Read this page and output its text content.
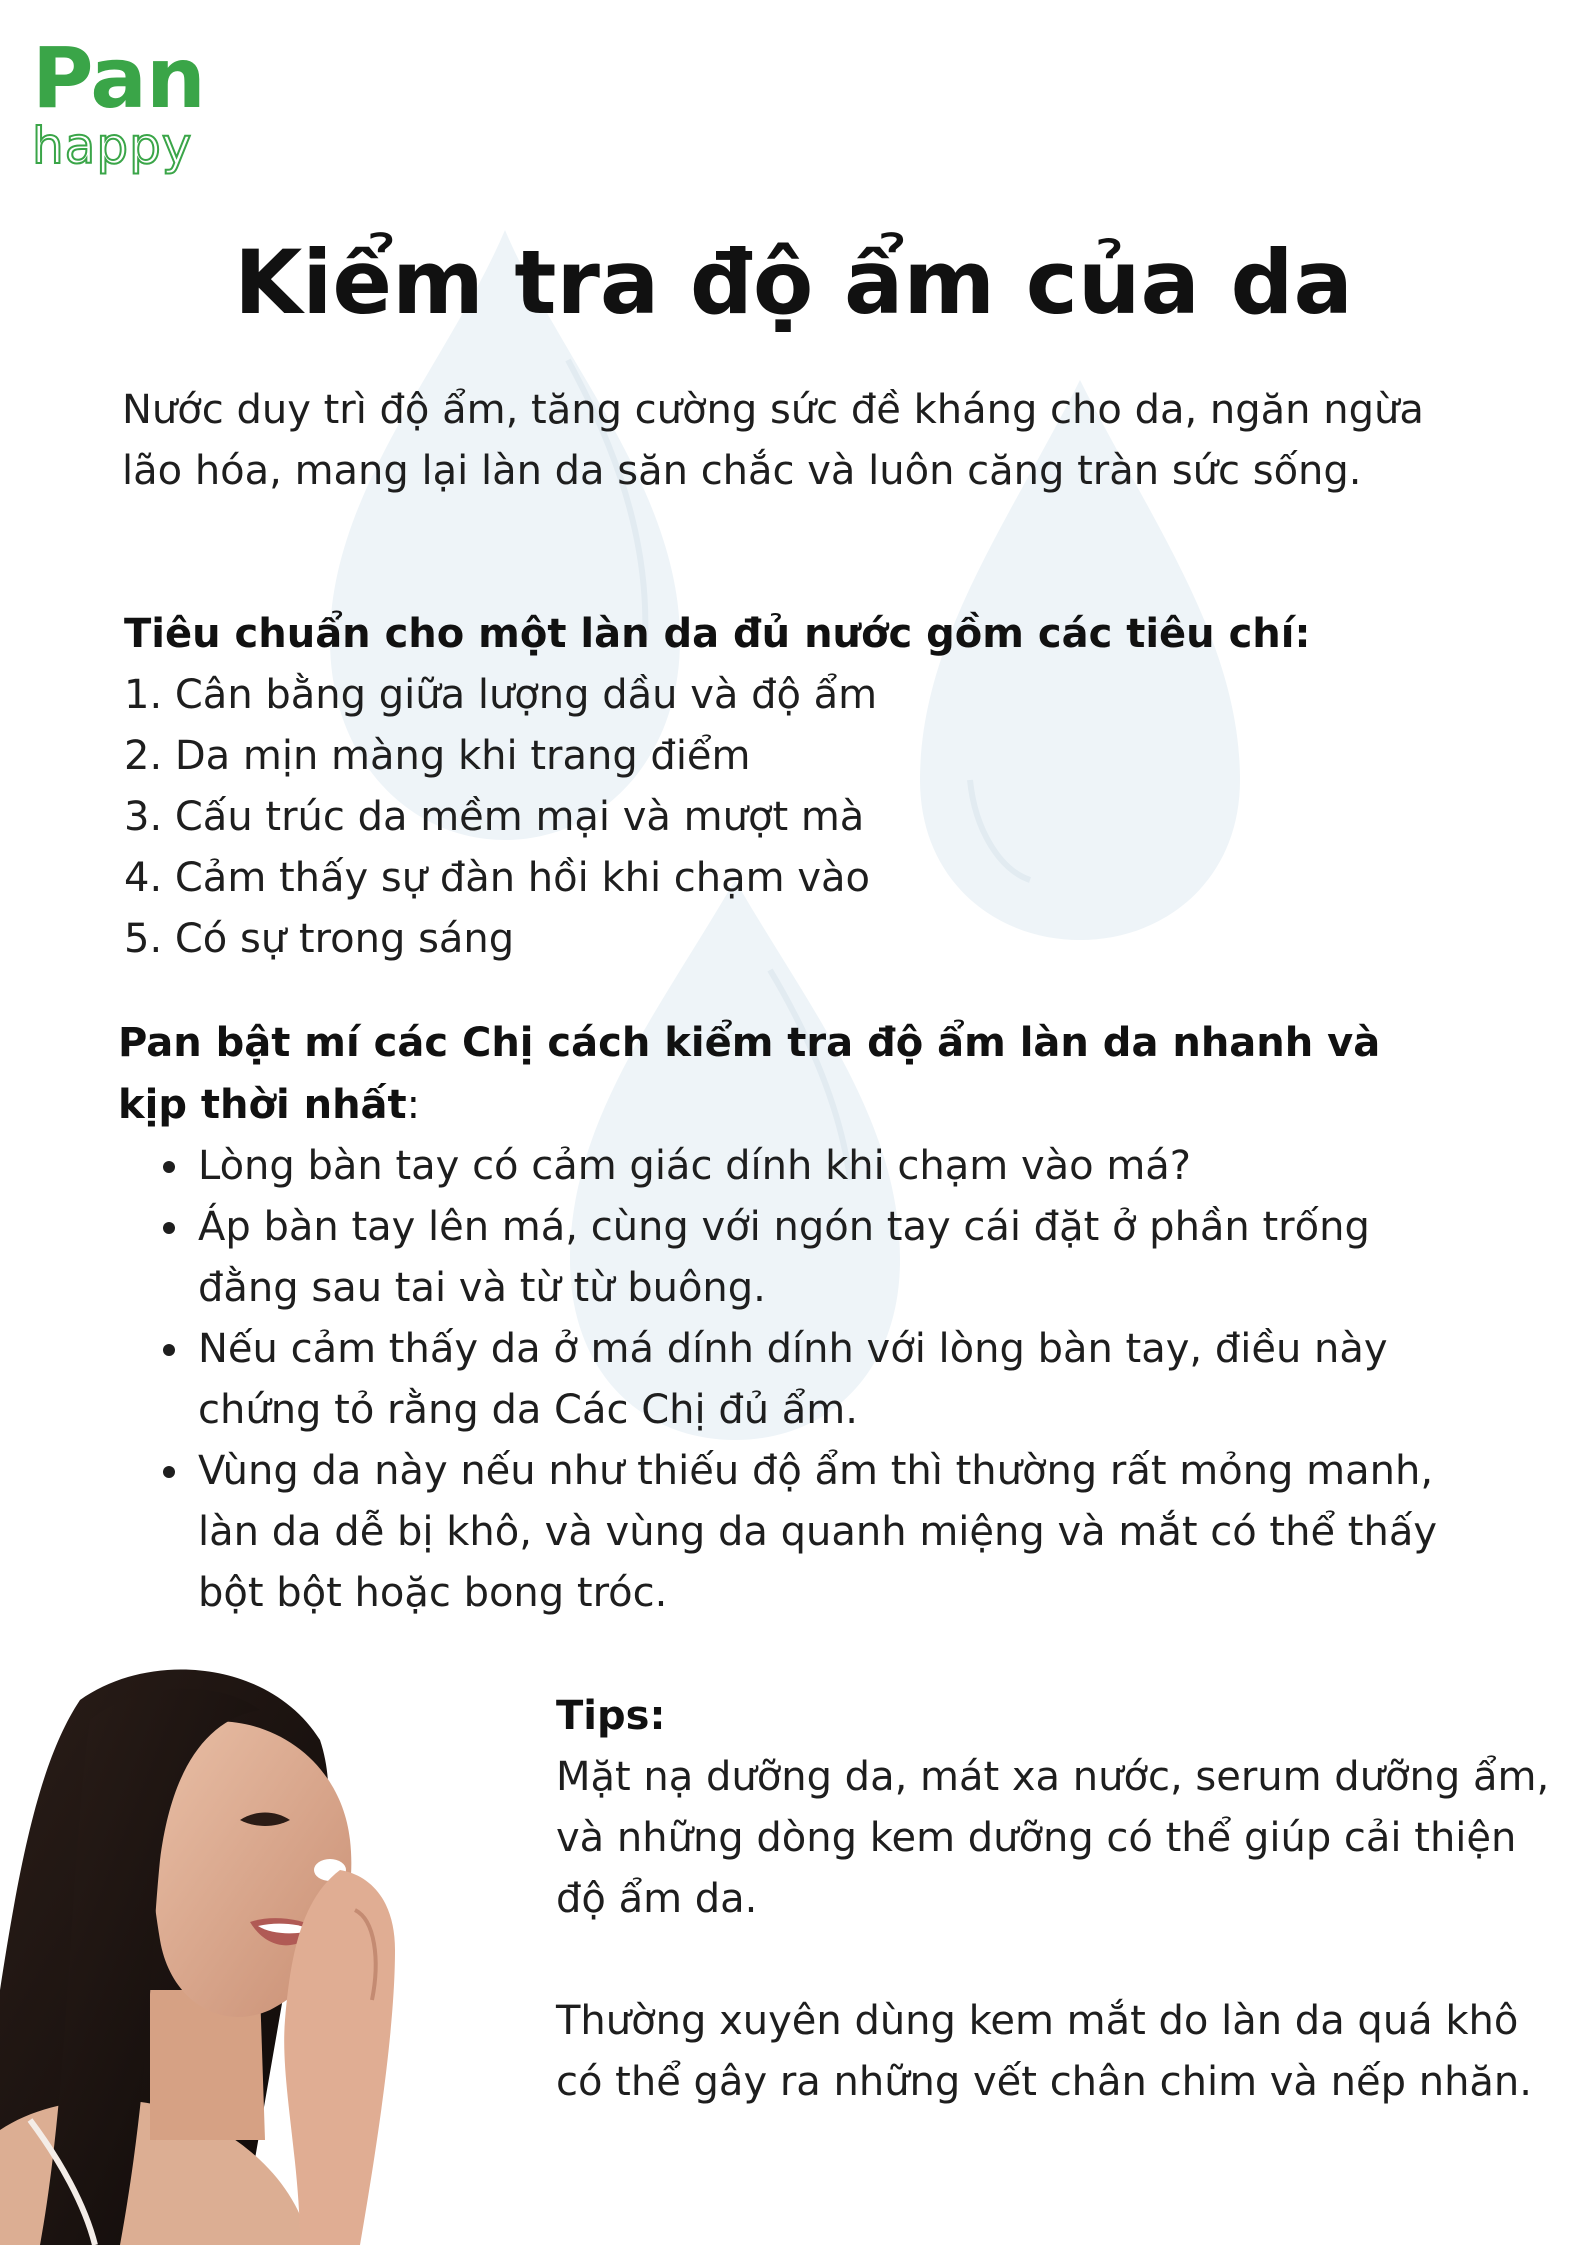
Pan
happy
Kiểm tra độ ẩm của da
Nước duy trì độ ẩm, tăng cường sức đề kháng cho da, ngăn ngừa lão hóa, mang lại làn da săn chắc và luôn căng tràn sức sống.
Tiêu chuẩn cho một làn da đủ nước gồm các tiêu chí:
1. Cân bằng giữa lượng dầu và độ ẩm
2. Da mịn màng khi trang điểm
3. Cấu trúc da mềm mại và mượt mà
4. Cảm thấy sự đàn hồi khi chạm vào
5. Có sự trong sáng
Pan bật mí các Chị cách kiểm tra độ ẩm làn da nhanh và kịp thời nhất:
• Lòng bàn tay có cảm giác dính khi chạm vào má?
• Áp bàn tay lên má, cùng với ngón tay cái đặt ở phần trống đằng sau tai và từ từ buông.
• Nếu cảm thấy da ở má dính dính với lòng bàn tay, điều này chứng tỏ rằng da Các Chị đủ ẩm.
• Vùng da này nếu như thiếu độ ẩm thì thường rất mỏng manh, làn da dễ bị khô, và vùng da quanh miệng và mắt có thể thấy bột bột hoặc bong tróc.
Tips:

Mặt nạ dưỡng da, mát xa nước, serum dưỡng ẩm, và những dòng kem dưỡng có thể giúp cải thiện độ ẩm da.

Thường xuyên dùng kem mắt do làn da quá khô có thể gây ra những vết chân chim và nếp nhăn.
